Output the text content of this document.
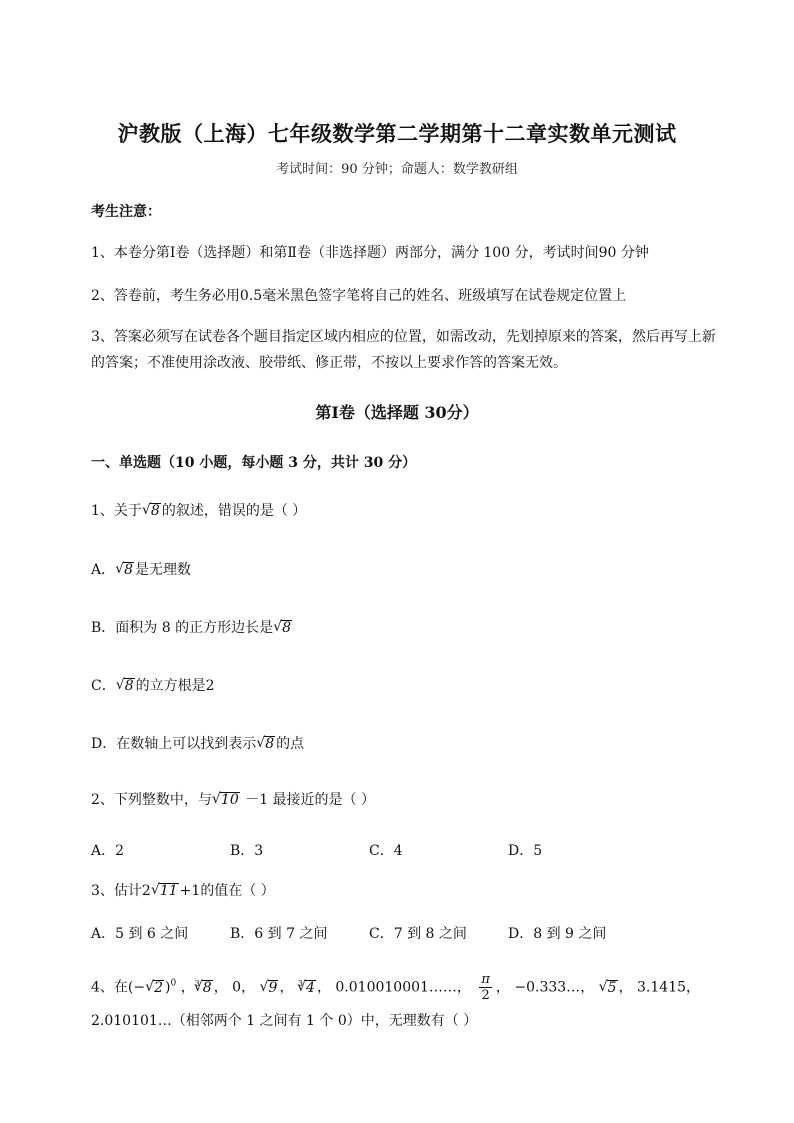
沪教版（上海）七年级数学第二学期第十二章实数单元测试
考试时间：90 分钟；命题人：数学教研组
考生注意：
1、本卷分第Ⅰ卷（选择题）和第Ⅱ卷（非选择题）两部分，满分 100 分，考试时间90 分钟
2、答卷前，考生务必用0.5毫米黑色签字笔将自己的姓名、班级填写在试卷规定位置上
3、答案必须写在试卷各个题目指定区域内相应的位置，如需改动，先划掉原来的答案，然后再写上新
的答案；不准使用涂改液、胶带纸、修正带，不按以上要求作答的答案无效。
第Ⅰ卷（选择题 30分）
一、单选题（10 小题，每小题 3 分，共计 30 分）
1、关于 √ 8 的叙述，错误的是（ ）
A． √ 8 是无理数
B．面积为 8 的正方形边长是 √ 8
C． √ 8 的立方根是2
D．在数轴上可以找到表示 √ 8 的点
2、下列整数中，与 √ 10 －1 最接近的是（ ）
A．2	B．3	C．4	D．5
3、估计2 √ 11 +1的值在（ ）
A．5 到 6 之间	B．6 到 7 之间	C．7 到 8 之间	D．8 到 9 之间
4、在(− √ 2 )$^0$ ，$^3$ √ 8 ， 0， √ 9 ， $^3$ √ 4 ， 0.010010001……， $\frac{\pi}{2}$ ， −0.333…， √ 5 ， 3.1415，
2.010101…（相邻两个 1 之间有 1 个 0）中，无理数有（ ）
